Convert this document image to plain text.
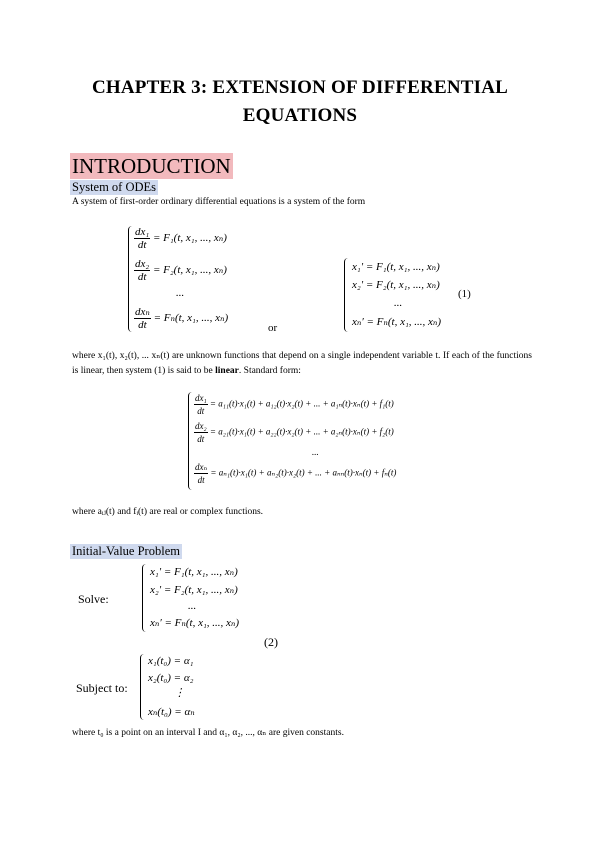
CHAPTER 3: EXTENSION OF DIFFERENTIAL EQUATIONS
INTRODUCTION
System of ODEs
A system of first-order ordinary differential equations is a system of the form
$\frac{\text{dx₁}}{dt} = F_1(t$, x₁, ..., xₙ)
$\frac{\text{dx₂}}{dt} = F_2(t$, x₁, ..., xₙ)
...
$\frac{\text{dxₙ}}{dt} = F_n(t$, x₁, ..., xₙ)
or
x₁′ = F₁(t, x₁, ..., xₙ)
x₂′ = F₂(t, x₁, ..., xₙ)
...
xₙ′ = Fₙ(t, x₁, ..., xₙ)
(1)
where x₁(t), x₂(t), ... xₙ(t) are unknown functions that depend on a single independent variable t. If each of the functions is linear, then system (1) is said to be linear. Standard form:
$\frac{\text{dx₁}}{dt} = a_{11}(t)\cdot x_1(t) + a_{12}(t)\cdot x_2(t)$ + ... + a₁ₙ(t)·xₙ(t) + f₁(t)
$\frac{\text{dx₂}}{dt} = a_{21}(t)\cdot x_1(t) + a_{22}(t)\cdot x_2(t)$ + ... + a₂ₙ(t)·xₙ(t) + f₂(t)
...
$\frac{\text{dxₙ}}{dt} = a_{n1}(t)\cdot x_1(t) + a_{n2}(t)\cdot x_2(t)$ + ... + aₙₙ(t)·xₙ(t) + fₙ(t)
where aᵢⱼ(t) and fᵢ(t) are real or complex functions.
Initial-Value Problem
Solve:
x₁′ = F₁(t, x₁, ..., xₙ)
x₂′ = F₂(t, x₁, ..., xₙ)
...
xₙ′ = Fₙ(t, x₁, ..., xₙ)
(2)
Subject to:
x₁(t₀) = α₁
x₂(t₀) = α₂
⋮
xₙ(t₀) = αₙ
where t₀ is a point on an interval I and α₁, α₂, ..., αₙ are given constants.
